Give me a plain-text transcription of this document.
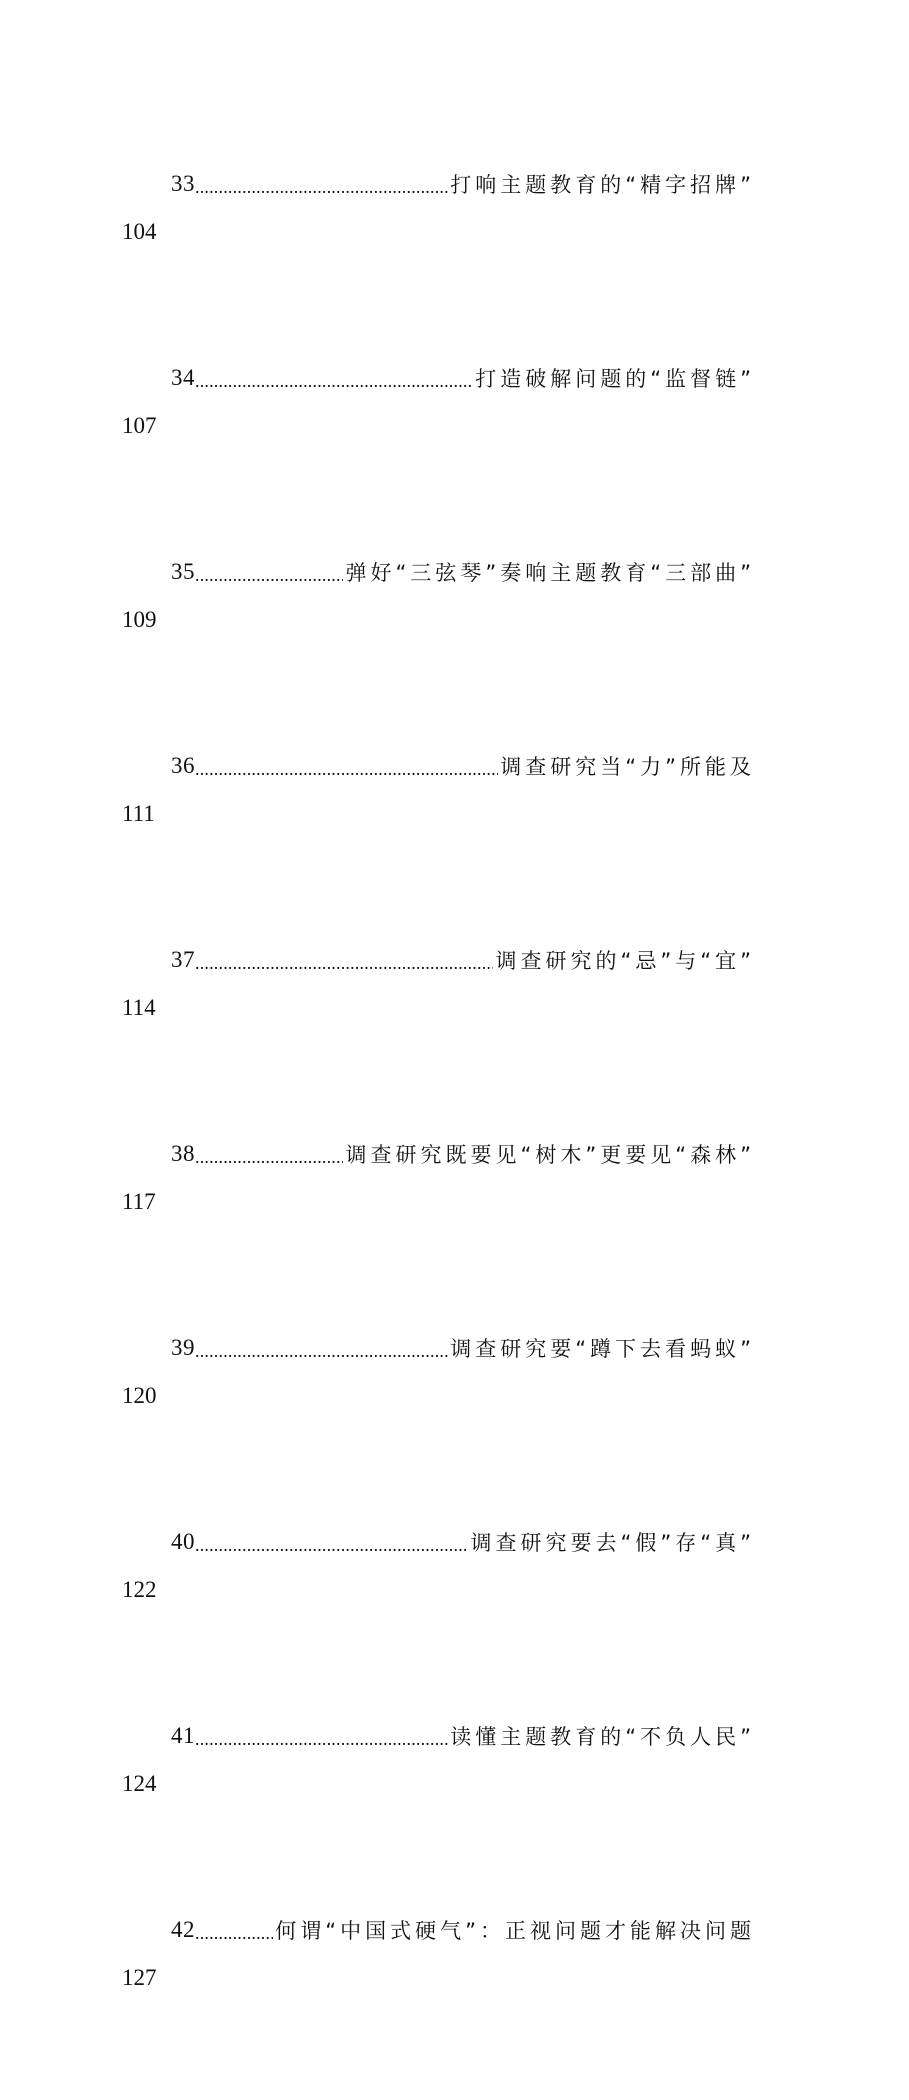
33 .....	打响主题教育的“精字招牌”
104
34 .....	打造破解问题的“监督链”
107
35 .....	弹好“三弦琴”奏响主题教育“三部曲”
109
36 .....	调查研究当“力”所能及
111
37 .....	调查研究的“忌”与“宜”
114
38 .....	调查研究既要见“树木”更要见“森林”
117
39 .....	调查研究要“蹲下去看蚂蚁”
120
40 .....	调查研究要去“假”存“真”
122
41 .....	读懂主题教育的“不负人民”
124
42 .....	何谓“中国式硬气”：正视问题才能解决问题
127
